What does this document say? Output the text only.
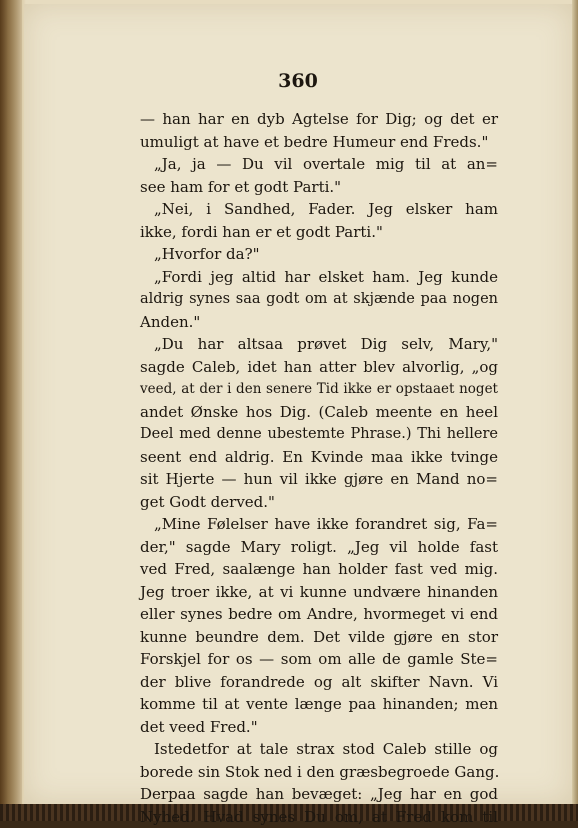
360
— han har en dyb Agtelse for Dig; og det er
umuligt at have et bedre Humeur end Freds."
„Ja, ja — Du vil overtale mig til at an=
see ham for et godt Parti."
„Nei, i Sandhed, Fader. Jeg elsker ham
ikke, fordi han er et godt Parti."
„Hvorfor da?"
„Fordi jeg altid har elsket ham. Jeg kunde
aldrig synes saa godt om at skjænde paa nogen
Anden."
„Du har altsaa prøvet Dig selv, Mary,"
sagde Caleb, idet han atter blev alvorlig, „og
veed, at der i den senere Tid ikke er opstaaet noget
andet Ønske hos Dig. (Caleb meente en heel
Deel med denne ubestemte Phrase.) Thi hellere
seent end aldrig. En Kvinde maa ikke tvinge
sit Hjerte — hun vil ikke gjøre en Mand no=
get Godt derved."
„Mine Følelser have ikke forandret sig, Fa=
der," sagde Mary roligt. „Jeg vil holde fast
ved Fred, saalænge han holder fast ved mig.
Jeg troer ikke, at vi kunne undvære hinanden
eller synes bedre om Andre, hvormeget vi end
kunne beundre dem. Det vilde gjøre en stor
Forskjel for os — som om alle de gamle Ste=
der blive forandrede og alt skifter Navn. Vi
komme til at vente længe paa hinanden; men
det veed Fred."
Istedetfor at tale strax stod Caleb stille og
borede sin Stok ned i den græsbegroede Gang.
Derpaa sagde han bevæget: „Jeg har en god
Nyhed. Hvad synes Du om, at Fred kom til
